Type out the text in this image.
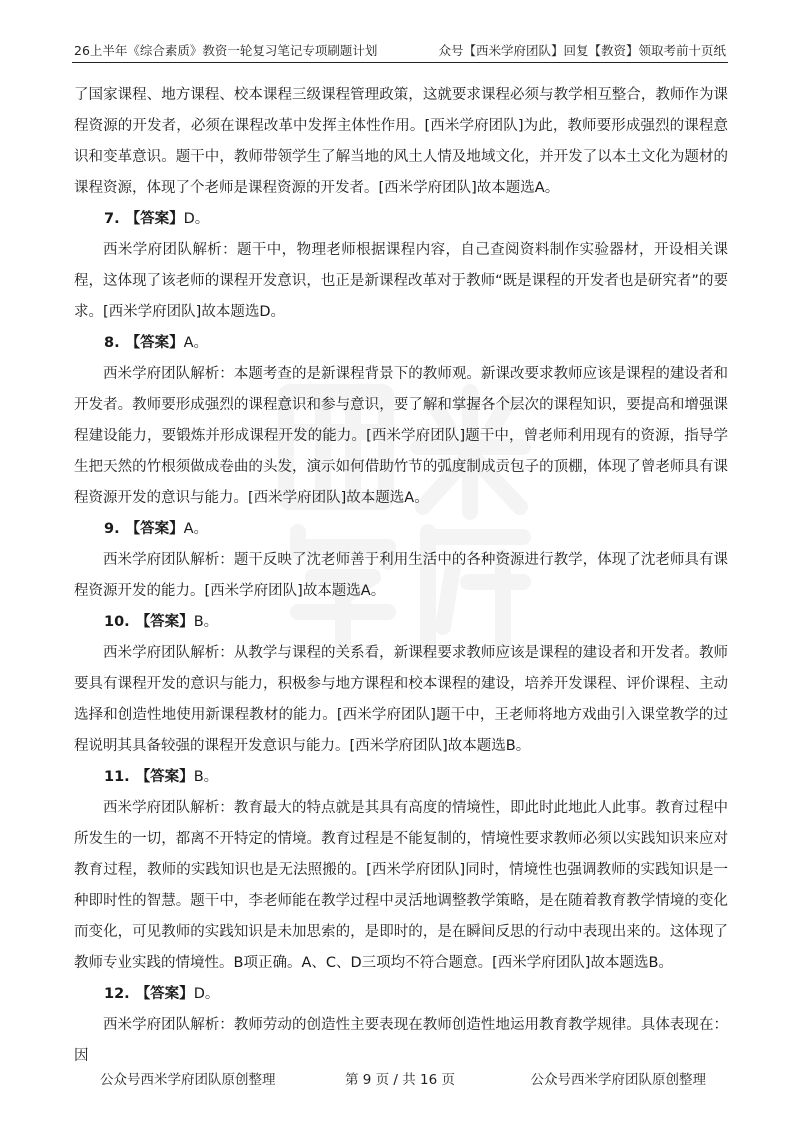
26上半年《综合素质》教资一轮复习笔记专项刷题计划	众号【西米学府团队】回复【教资】领取考前十页纸

了国家课程、地方课程、校本课程三级课程管理政策，这就要求课程必须与教学相互整合，教师作为课程资源的开发者，必须在课程改革中发挥主体性作用。[西米学府团队]为此，教师要形成强烈的课程意识和变革意识。题干中，教师带领学生了解当地的风土人情及地域文化，并开发了以本土文化为题材的课程资源，体现了个老师是课程资源的开发者。[西米学府团队]故本题选A。

7. 【答案】D。

西米学府团队解析：题干中，物理老师根据课程内容，自己查阅资料制作实验器材，开设相关课程，这体现了该老师的课程开发意识，也正是新课程改革对于教师“既是课程的开发者也是研究者”的要求。[西米学府团队]故本题选D。

8. 【答案】A。

西米学府团队解析：本题考查的是新课程背景下的教师观。新课改要求教师应该是课程的建设者和开发者。教师要形成强烈的课程意识和参与意识，要了解和掌握各个层次的课程知识，要提高和增强课程建设能力，要锻炼并形成课程开发的能力。[西米学府团队]题干中，曾老师利用现有的资源，指导学生把天然的竹根须做成卷曲的头发，演示如何借助竹节的弧度制成贡包子的顶棚，体现了曾老师具有课程资源开发的意识与能力。[西米学府团队]故本题选A。

9. 【答案】A。

西米学府团队解析：题干反映了沈老师善于利用生活中的各种资源进行教学，体现了沈老师具有课程资源开发的能力。[西米学府团队]故本题选A。

10. 【答案】B。

西米学府团队解析：从教学与课程的关系看，新课程要求教师应该是课程的建设者和开发者。教师要具有课程开发的意识与能力，积极参与地方课程和校本课程的建设，培养开发课程、评价课程、主动选择和创造性地使用新课程教材的能力。[西米学府团队]题干中，王老师将地方戏曲引入课堂教学的过程说明其具备较强的课程开发意识与能力。[西米学府团队]故本题选B。

11. 【答案】B。

西米学府团队解析：教育最大的特点就是其具有高度的情境性，即此时此地此人此事。教育过程中所发生的一切，都离不开特定的情境。教育过程是不能复制的，情境性要求教师必须以实践知识来应对教育过程，教师的实践知识也是无法照搬的。[西米学府团队]同时，情境性也强调教师的实践知识是一种即时性的智慧。题干中，李老师能在教学过程中灵活地调整教学策略，是在随着教育教学情境的变化而变化，可见教师的实践知识是未加思索的，是即时的，是在瞬间反思的行动中表现出来的。这体现了教师专业实践的情境性。B项正确。A、C、D三项均不符合题意。[西米学府团队]故本题选B。

12. 【答案】D。

西米学府团队解析：教师劳动的创造性主要表现在教师创造性地运用教育教学规律。具体表现在：因

公众号西米学府团队原创整理	第 9 页 / 共 16 页	公众号西米学府团队原创整理
